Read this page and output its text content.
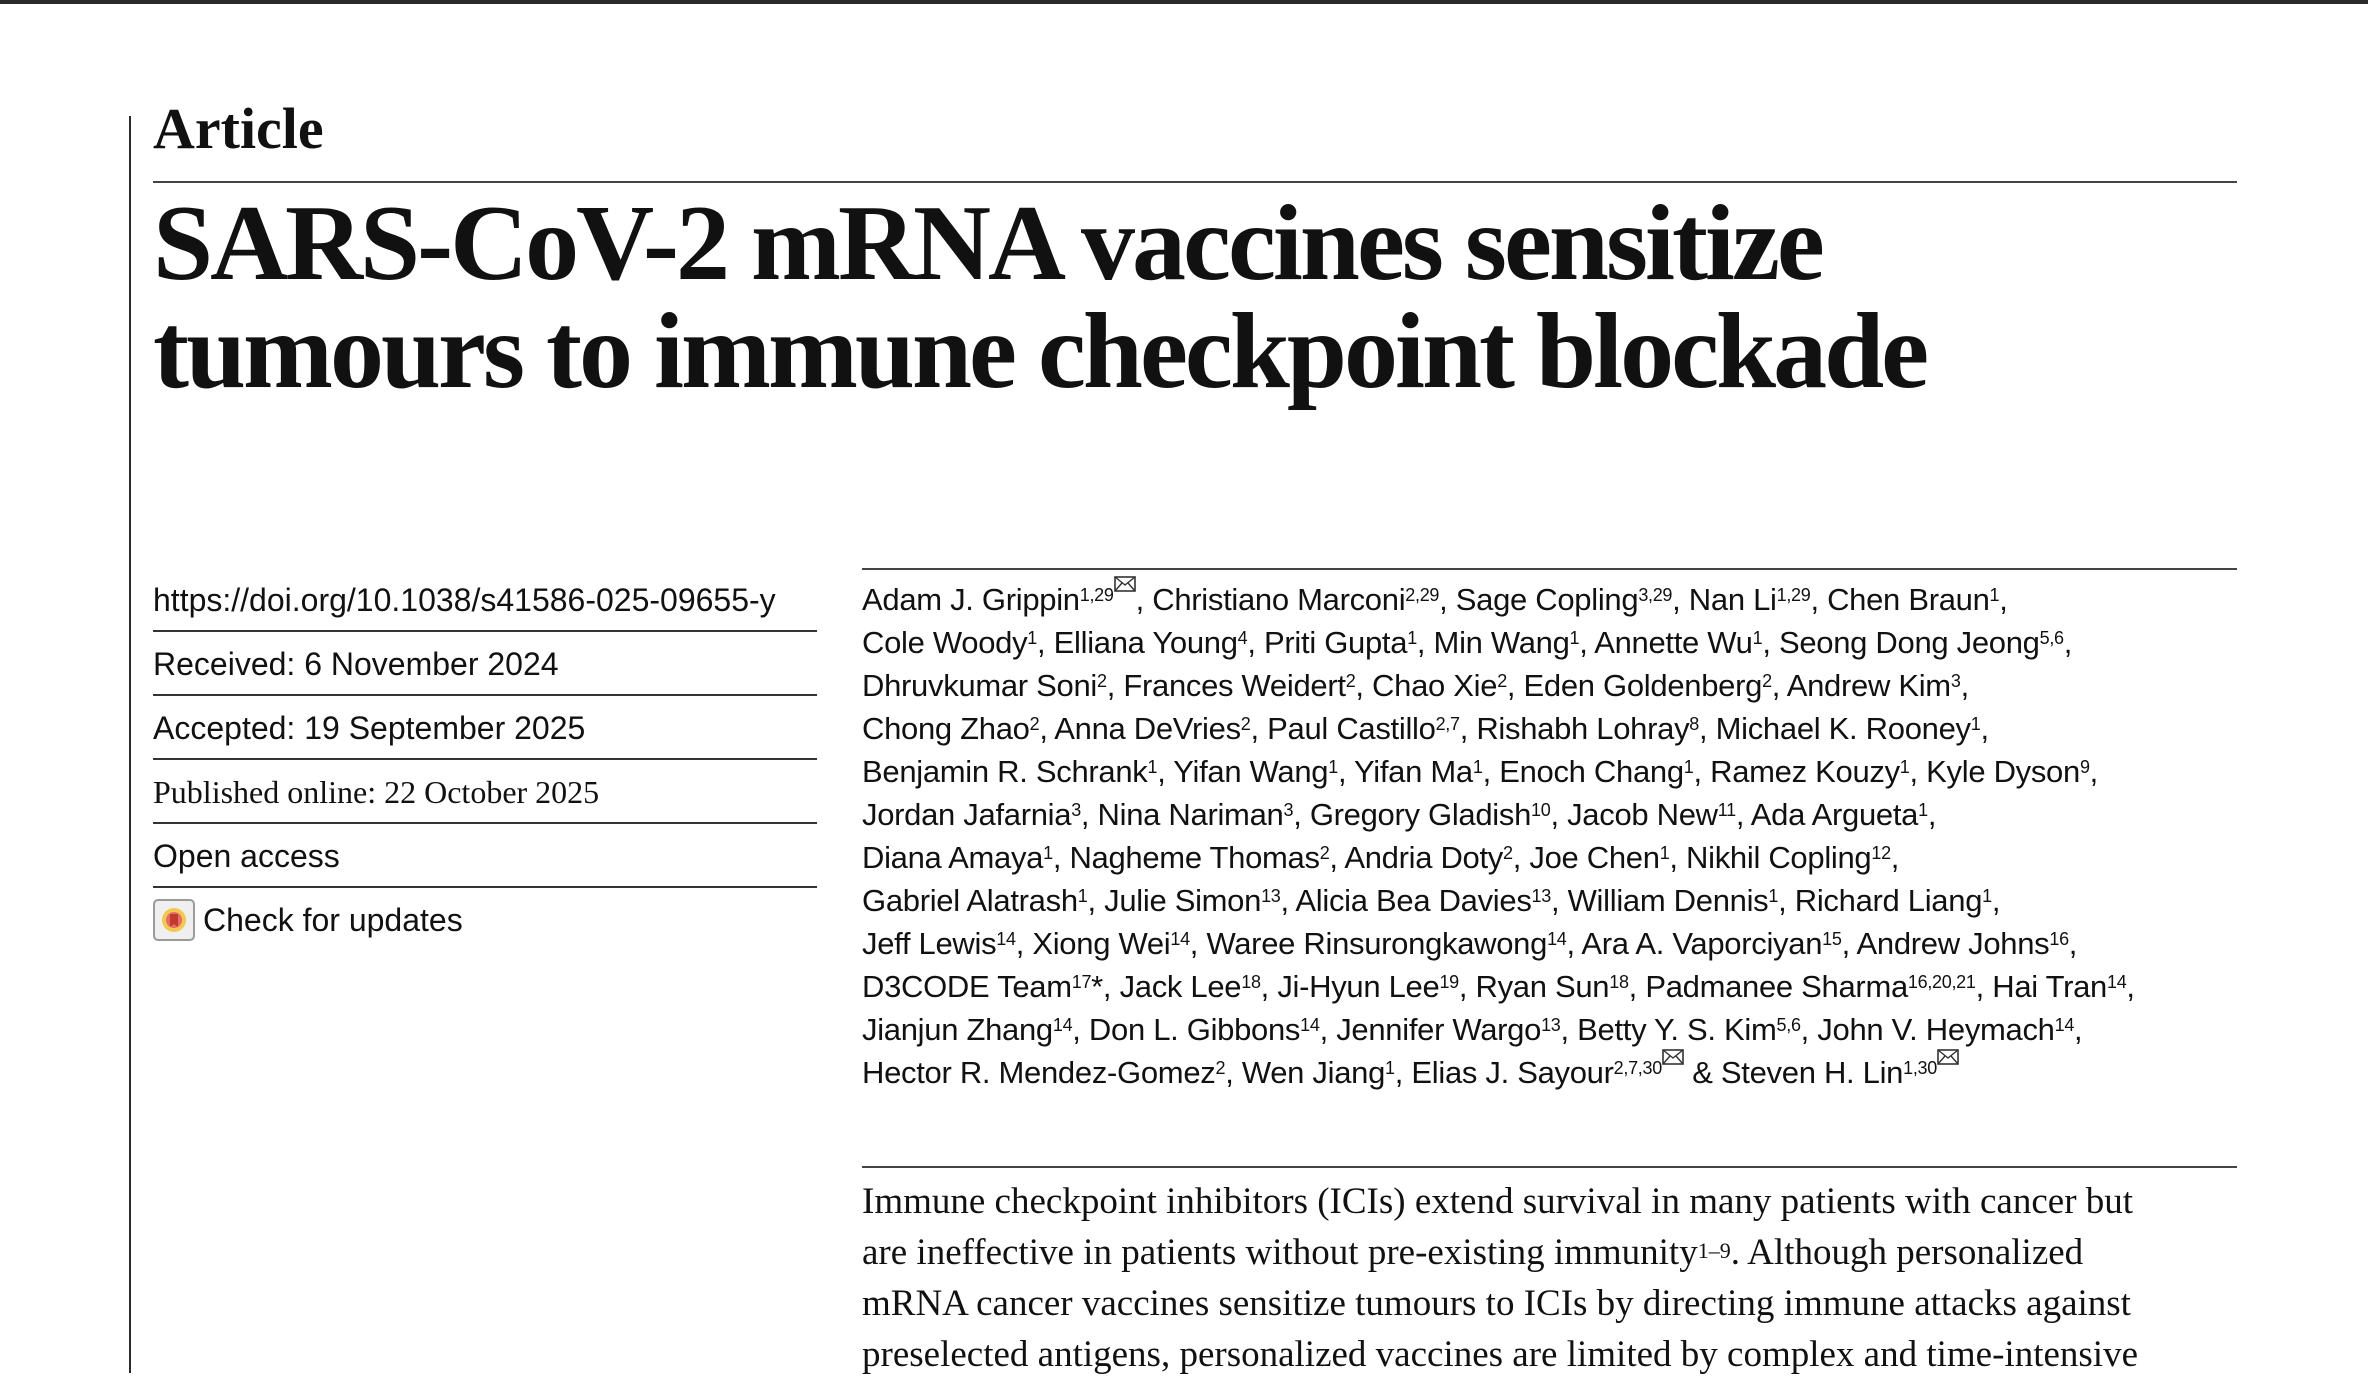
Article
SARS-CoV-2 mRNA vaccines sensitize
tumours to immune checkpoint blockade
https://doi.org/10.1038/s41586-025-09655-y
Received: 6 November 2024
Accepted: 19 September 2025
Published online: 22 October 2025
Open access
Check for updates
Adam J. Grippin$^{1,29}$ , Christiano Marconi$^{2,29}$, Sage Copling$^{3,29}$, Nan Li$^{1,29}$, Chen Braun$^1$,
Cole Woody$^1$, Elliana Young$^4$, Priti Gupta$^1$, Min Wang$^1$, Annette Wu$^1$, Seong Dong Jeong$^{5,6}$,
Dhruvkumar Soni$^2$, Frances Weidert$^2$, Chao Xie$^2$, Eden Goldenberg$^2$, Andrew Kim$^3$,
Chong Zhao$^2$, Anna DeVries$^2$, Paul Castillo$^{2,7}$, Rishabh Lohray$^8$, Michael K. Rooney$^1$,
Benjamin R. Schrank$^1$, Yifan Wang$^1$, Yifan Ma$^1$, Enoch Chang$^1$, Ramez Kouzy$^1$, Kyle Dyson$^9$,
Jordan Jafarnia$^3$, Nina Nariman$^3$, Gregory Gladish$^{10}$, Jacob New$^{11}$, Ada Argueta$^1$,
Diana Amaya$^1$, Nagheme Thomas$^2$, Andria Doty$^2$, Joe Chen$^1$, Nikhil Copling$^{12}$,
Gabriel Alatrash$^1$, Julie Simon$^{13}$, Alicia Bea Davies$^{13}$, William Dennis$^1$, Richard Liang$^1$,
Jeff Lewis$^{14}$, Xiong Wei$^{14}$, Waree Rinsurongkawong$^{14}$, Ara A. Vaporciyan$^{15}$, Andrew Johns$^{16}$,
D3CODE Team$^{17}$*, Jack Lee$^{18}$, Ji-Hyun Lee$^{19}$, Ryan Sun$^{18}$, Padmanee Sharma$^{16,20,21}$, Hai Tran$^{14}$,
Jianjun Zhang$^{14}$, Don L. Gibbons$^{14}$, Jennifer Wargo$^{13}$, Betty Y. S. Kim$^{5,6}$, John V. Heymach$^{14}$,
Hector R. Mendez-Gomez$^2$, Wen Jiang$^1$, Elias J. Sayour$^{2,7,30}$ & Steven H. Lin$^{1,30}$
Immune checkpoint inhibitors (ICIs) extend survival in many patients with cancer but
are ineffective in patients without pre-existing immunity$^{1-9}$. Although personalized
mRNA cancer vaccines sensitize tumours to ICIs by directing immune attacks against
preselected antigens, personalized vaccines are limited by complex and time-intensive
